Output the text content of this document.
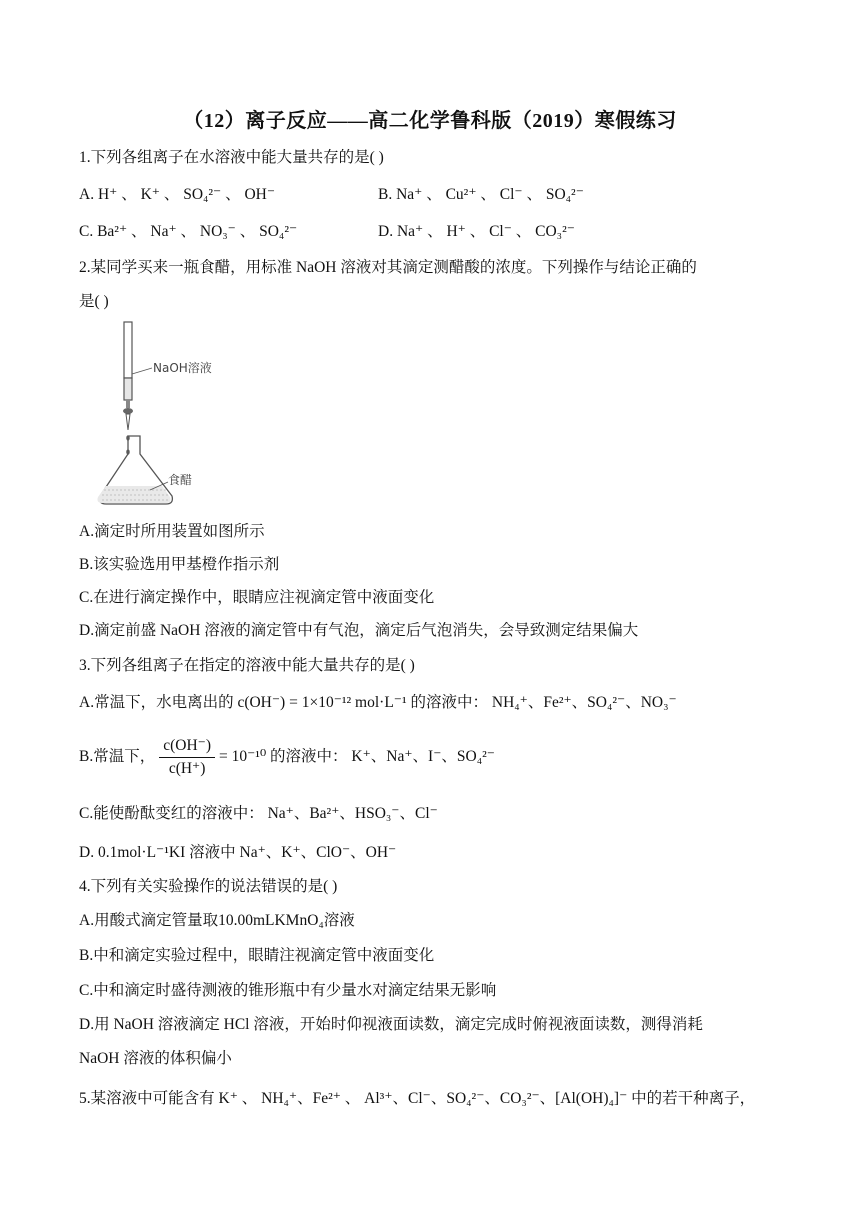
（12）离子反应——高二化学鲁科版（2019）寒假练习
1.下列各组离子在水溶液中能大量共存的是( )
A. H⁺ 、 K⁺ 、 SO₄²⁻ 、 OH⁻	B. Na⁺ 、 Cu²⁺ 、 Cl⁻ 、 SO₄²⁻
C. Ba²⁺ 、 Na⁺ 、 NO₃⁻ 、 SO₄²⁻	D. Na⁺ 、 H⁺ 、 Cl⁻ 、 CO₃²⁻
2.某同学买来一瓶食醋，用标准 NaOH 溶液对其滴定测醋酸的浓度。下列操作与结论正确的
是( )
NaOH溶液
食醋
A.滴定时所用装置如图所示
B.该实验选用甲基橙作指示剂
C.在进行滴定操作中，眼睛应注视滴定管中液面变化
D.滴定前盛 NaOH 溶液的滴定管中有气泡，滴定后气泡消失，会导致测定结果偏大
3.下列各组离子在指定的溶液中能大量共存的是( )
A.常温下，水电离出的 c(OH⁻) = 1×10⁻¹² mol·L⁻¹ 的溶液中： NH₄⁺、Fe²⁺、SO₄²⁻、NO₃⁻
B.常温下， $\frac{c(OH^-)}{c(H^+)} = 10^{-10}$ 的溶液中： K⁺、Na⁺、I⁻、SO₄²⁻
C.能使酚酞变红的溶液中： Na⁺、Ba²⁺、HSO₃⁻、Cl⁻
D. 0.1mol·L⁻¹KI 溶液中 Na⁺、K⁺、ClO⁻、OH⁻
4.下列有关实验操作的说法错误的是( )
A.用酸式滴定管量取10.00mLKMnO₄溶液
B.中和滴定实验过程中，眼睛注视滴定管中液面变化
C.中和滴定时盛待测液的锥形瓶中有少量水对滴定结果无影响
D.用 NaOH 溶液滴定 HCl 溶液，开始时仰视液面读数，滴定完成时俯视液面读数，测得消耗
NaOH 溶液的体积偏小
5.某溶液中可能含有 K⁺ 、 NH₄⁺、Fe²⁺ 、 Al³⁺、Cl⁻、SO₄²⁻、CO₃²⁻、[Al(OH)₄]⁻ 中的若干种离子，
